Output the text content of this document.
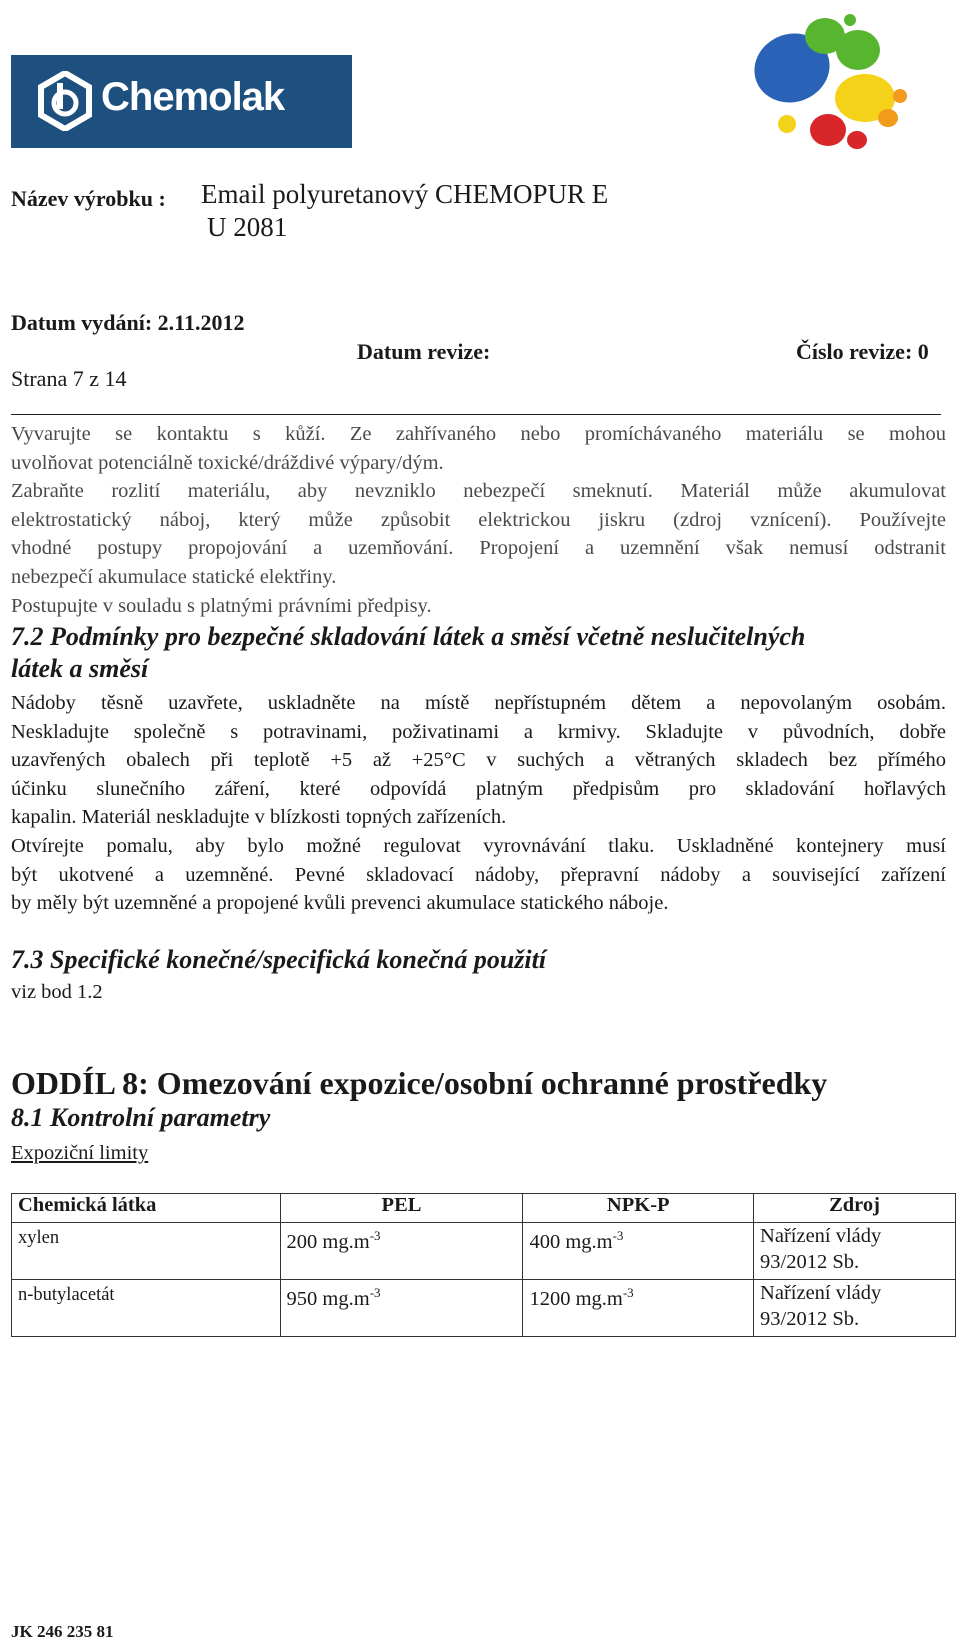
Chemolak
Název výrobku : Email polyuretanový CHEMOPUR E
U 2081
Datum vydání: 2.11.2012
Datum revize:	Číslo revize: 0
Strana 7 z 14
Vyvarujte se kontaktu s kůží. Ze zahřívaného nebo promíchávaného materiálu se mohou
uvolňovat potenciálně toxické/dráždivé výpary/dým.
Zabraňte rozlití materiálu, aby nevzniklo nebezpečí smeknutí. Materiál může akumulovat
elektrostatický náboj, který může způsobit elektrickou jiskru (zdroj vznícení). Používejte
vhodné postupy propojování a uzemňování. Propojení a uzemnění však nemusí odstranit
nebezpečí akumulace statické elektřiny.
Postupujte v souladu s platnými právními předpisy.
7.2 Podmínky pro bezpečné skladování látek a směsí včetně neslučitelných
látek a směsí
Nádoby těsně uzavřete, uskladněte na místě nepřístupném dětem a nepovolaným osobám.
Neskladujte společně s potravinami, poživatinami a krmivy. Skladujte v původních, dobře
uzavřených obalech při teplotě +5 až +25°C v suchých a větraných skladech bez přímého
účinku slunečního záření, které odpovídá platným předpisům pro skladování hořlavých
kapalin. Materiál neskladujte v blízkosti topných zařízeních.
Otvírejte pomalu, aby bylo možné regulovat vyrovnávání tlaku. Uskladněné kontejnery musí
být ukotvené a uzemněné. Pevné skladovací nádoby, přepravní nádoby a související zařízení
by měly být uzemněné a propojené kvůli prevenci akumulace statického náboje.
7.3 Specifické konečné/specifická konečná použití
viz bod 1.2
ODDÍL 8: Omezování expozice/osobní ochranné prostředky
8.1 Kontrolní parametry
Expoziční limity
Chemická látka	PEL	NPK-P	Zdroj
xylen	200 $mg.m^{-3}$	400 $mg.m^{-3}$	Nařízení vlády
93/2012 Sb.

n-butylacetát	950 $mg.m^{-3}$	1200 $mg.m^{-3}$	Nařízení vlády
93/2012 Sb.
JK 246 235 81
